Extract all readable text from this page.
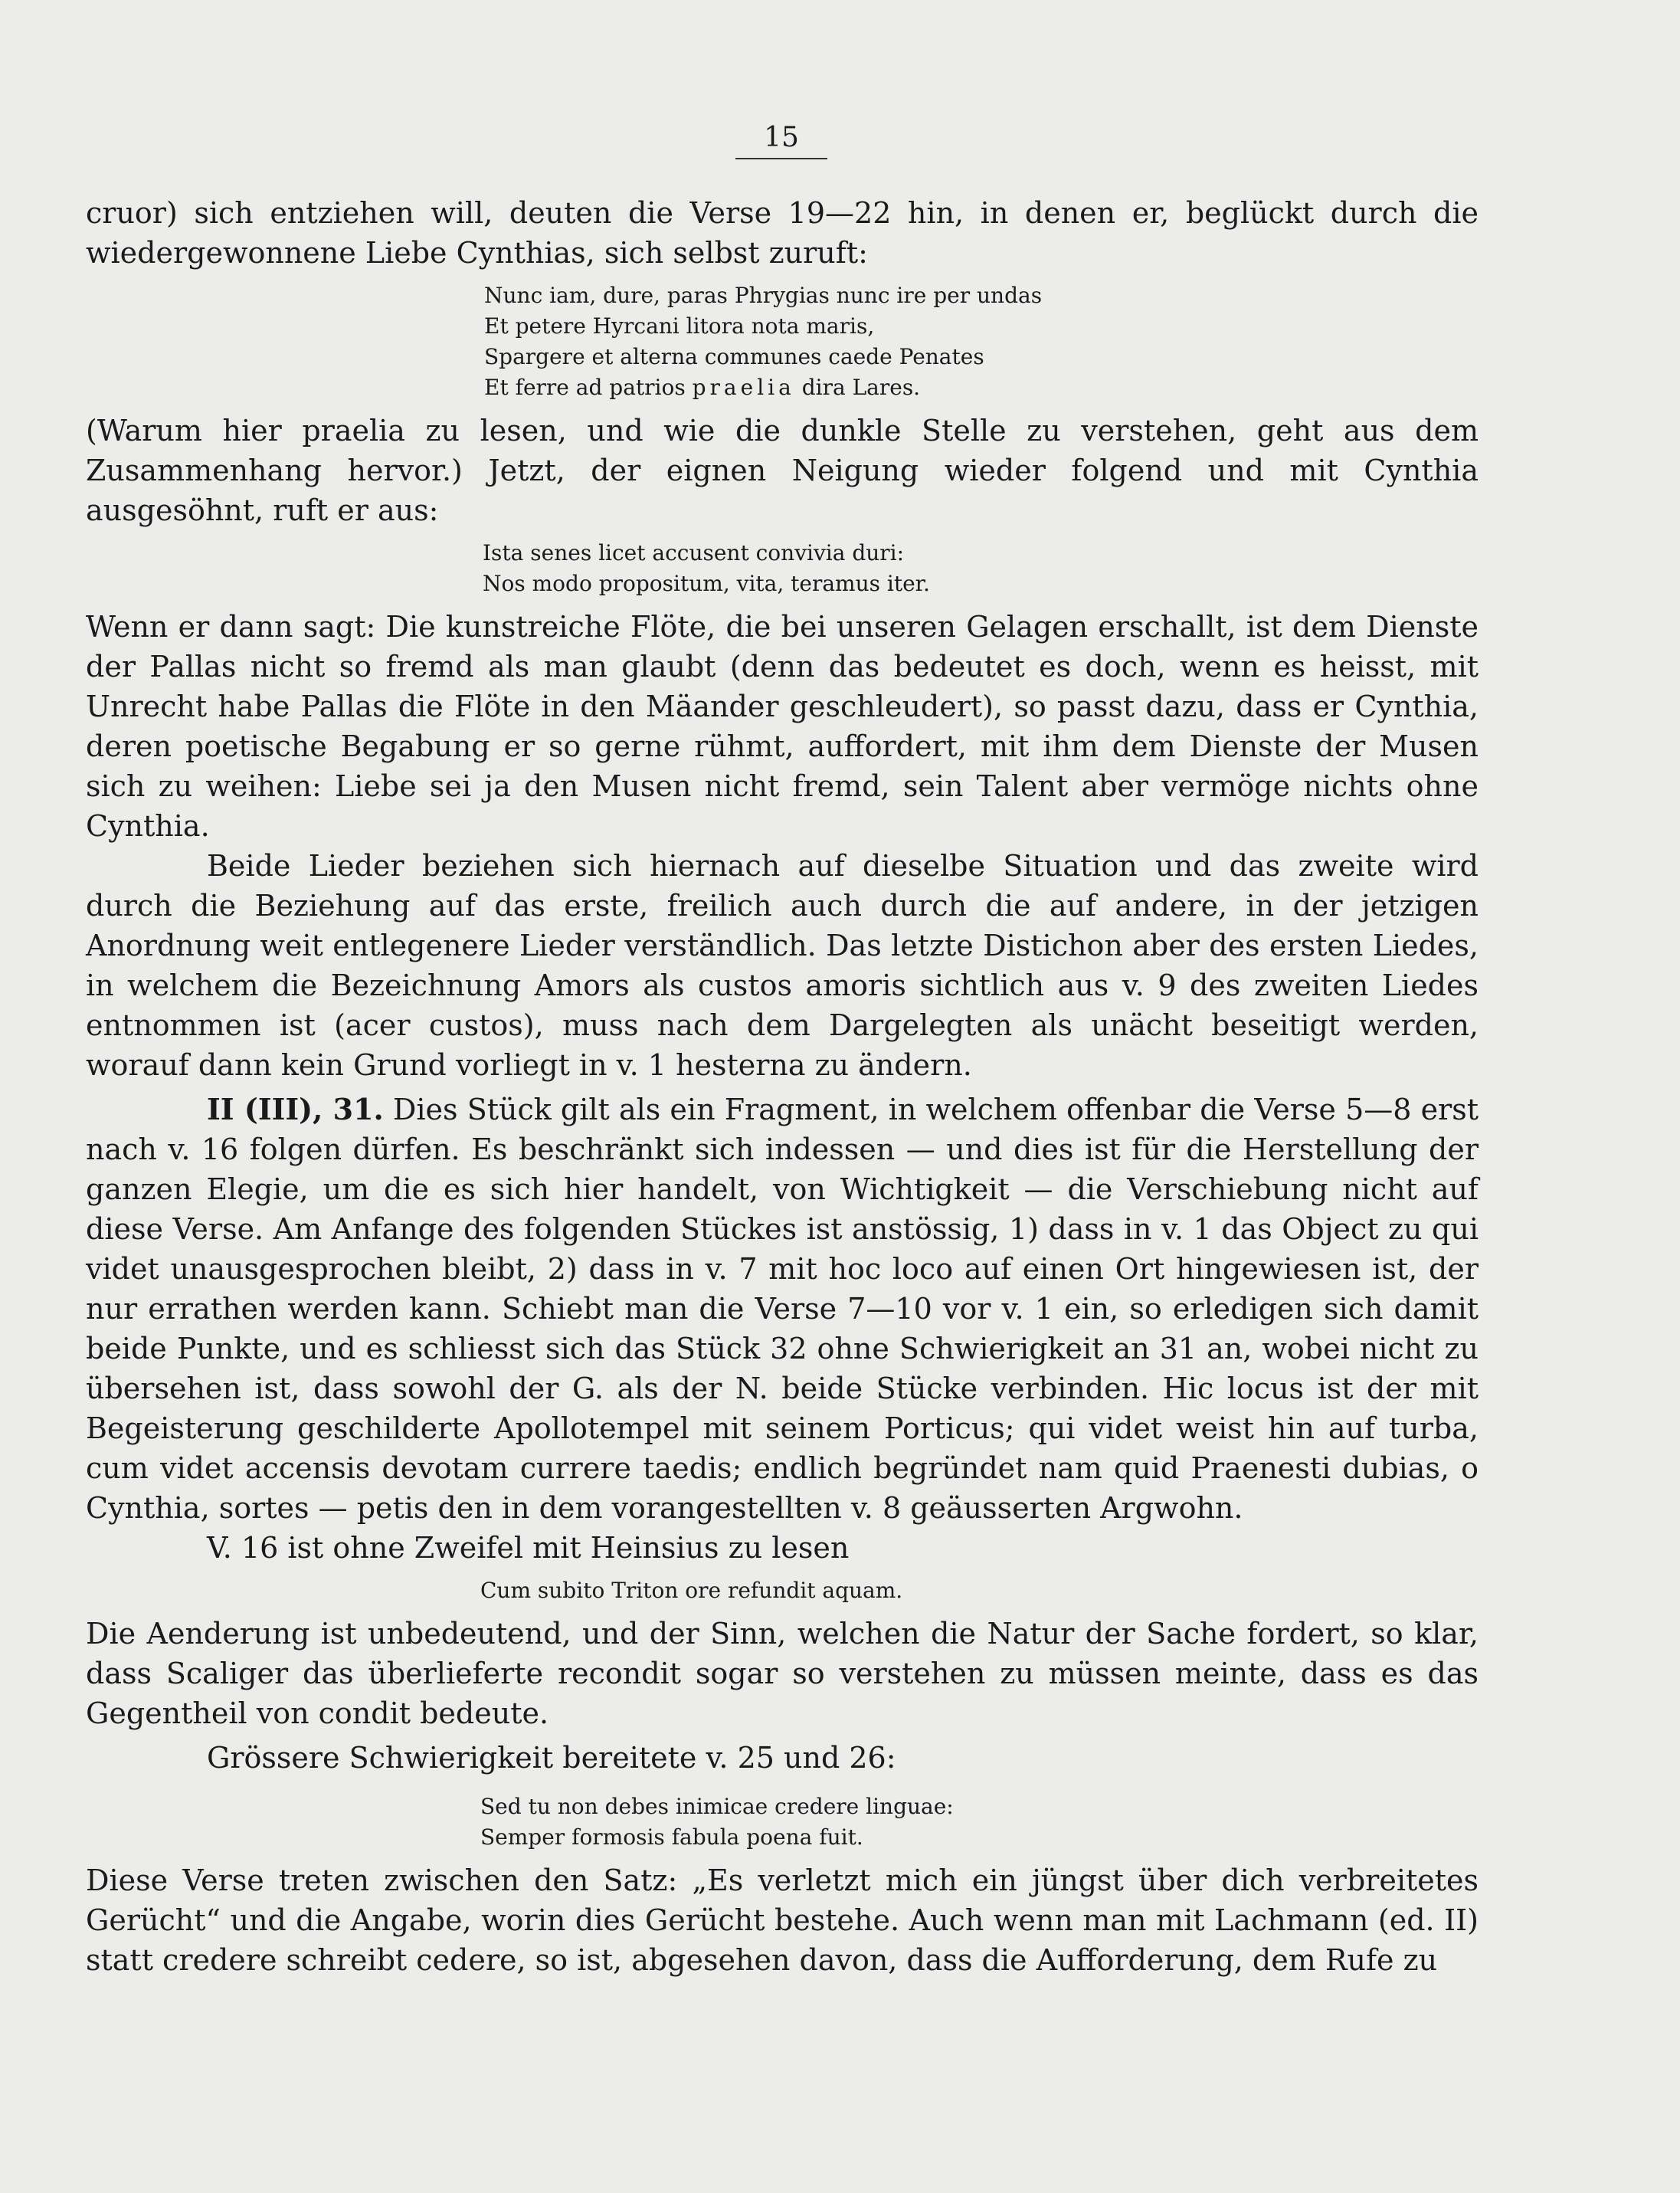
15

cruor) sich entziehen will, deuten die Verse 19—22 hin, in denen er, beglückt durch die wiedergewonnene Liebe Cynthias, sich selbst zuruft:

Nunc iam, dure, paras Phrygias nunc ire per undas
Et petere Hyrcani litora nota maris,
Spargere et alterna communes caede Penates
Et ferre ad patrios praelia dira Lares.

(Warum hier praelia zu lesen, und wie die dunkle Stelle zu verstehen, geht aus dem Zusammenhang hervor.) Jetzt, der eignen Neigung wieder folgend und mit Cynthia ausgesöhnt, ruft er aus:

Ista senes licet accusent convivia duri:
Nos modo propositum, vita, teramus iter.

Wenn er dann sagt: Die kunstreiche Flöte, die bei unseren Gelagen erschallt, ist dem Dienste der Pallas nicht so fremd als man glaubt (denn das bedeutet es doch, wenn es heisst, mit Unrecht habe Pallas die Flöte in den Mäander geschleudert), so passt dazu, dass er Cynthia, deren poetische Begabung er so gerne rühmt, auffordert, mit ihm dem Dienste der Musen sich zu weihen: Liebe sei ja den Musen nicht fremd, sein Talent aber vermöge nichts ohne Cynthia.

Beide Lieder beziehen sich hiernach auf dieselbe Situation und das zweite wird durch die Beziehung auf das erste, freilich auch durch die auf andere, in der jetzigen Anordnung weit entlegenere Lieder verständlich. Das letzte Distichon aber des ersten Liedes, in welchem die Bezeichnung Amors als custos amoris sichtlich aus v. 9 des zweiten Liedes entnommen ist (acer custos), muss nach dem Dargelegten als unächt beseitigt werden, worauf dann kein Grund vorliegt in v. 1 hesterna zu ändern.

II (III), 31. Dies Stück gilt als ein Fragment, in welchem offenbar die Verse 5—8 erst nach v. 16 folgen dürfen. Es beschränkt sich indessen — und dies ist für die Herstellung der ganzen Elegie, um die es sich hier handelt, von Wichtigkeit — die Verschiebung nicht auf diese Verse. Am Anfange des folgenden Stückes ist anstössig, 1) dass in v. 1 das Object zu qui videt unausgesprochen bleibt, 2) dass in v. 7 mit hoc loco auf einen Ort hingewiesen ist, der nur errathen werden kann. Schiebt man die Verse 7—10 vor v. 1 ein, so erledigen sich damit beide Punkte, und es schliesst sich das Stück 32 ohne Schwierigkeit an 31 an, wobei nicht zu übersehen ist, dass sowohl der G. als der N. beide Stücke verbinden. Hic locus ist der mit Begeisterung geschilderte Apollotempel mit seinem Porticus; qui videt weist hin auf turba, cum videt accensis devotam currere taedis; endlich begründet nam quid Praenesti dubias, o Cynthia, sortes — petis den in dem vorangestellten v. 8 geäusserten Argwohn.

V. 16 ist ohne Zweifel mit Heinsius zu lesen

Cum subito Triton ore refundit aquam.

Die Aenderung ist unbedeutend, und der Sinn, welchen die Natur der Sache fordert, so klar, dass Scaliger das überlieferte recondit sogar so verstehen zu müssen meinte, dass es das Gegentheil von condit bedeute.

Grössere Schwierigkeit bereitete v. 25 und 26:

Sed tu non debes inimicae credere linguae:
Semper formosis fabula poena fuit.

Diese Verse treten zwischen den Satz: „Es verletzt mich ein jüngst über dich verbreitetes Gerücht“ und die Angabe, worin dies Gerücht bestehe. Auch wenn man mit Lachmann (ed. II) statt credere schreibt cedere, so ist, abgesehen davon, dass die Aufforderung, dem Rufe zu
